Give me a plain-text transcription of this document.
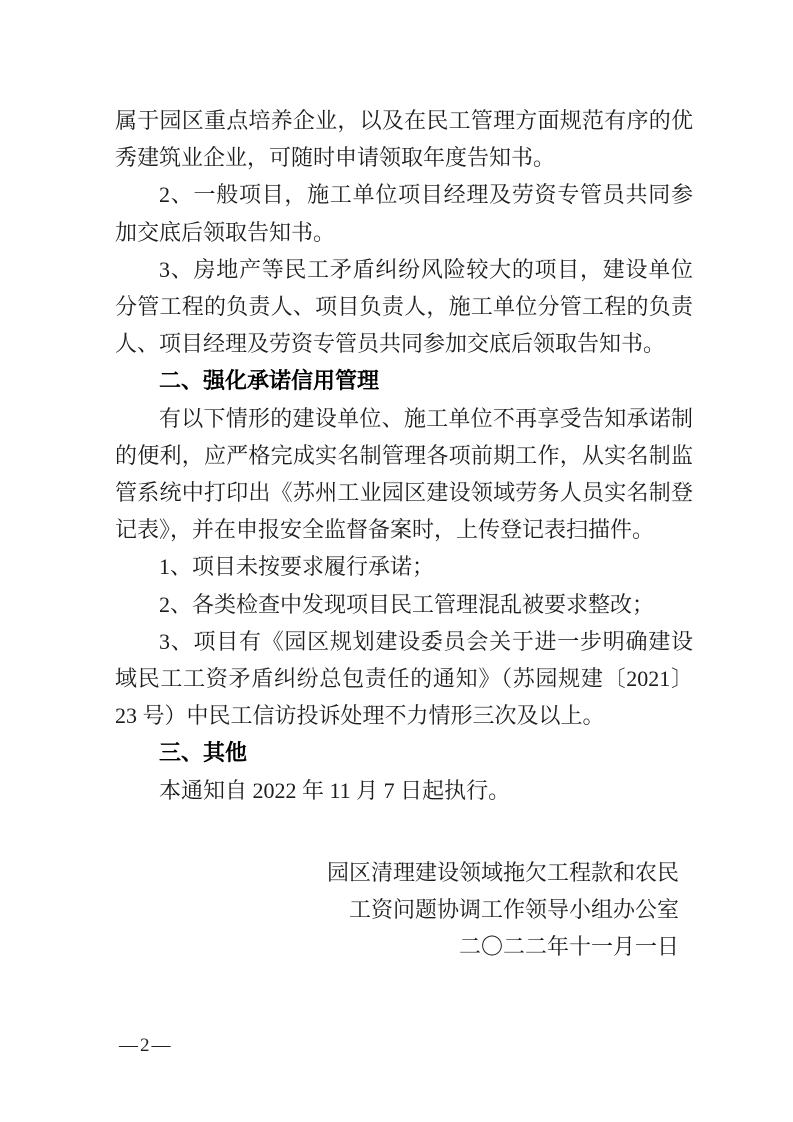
属于园区重点培养企业，以及在民工管理方面规范有序的优
秀建筑业企业，可随时申请领取年度告知书。
2、一般项目，施工单位项目经理及劳资专管员共同参
加交底后领取告知书。
3、房地产等民工矛盾纠纷风险较大的项目，建设单位
分管工程的负责人、项目负责人，施工单位分管工程的负责
人、项目经理及劳资专管员共同参加交底后领取告知书。
二、强化承诺信用管理
有以下情形的建设单位、施工单位不再享受告知承诺制
的便利，应严格完成实名制管理各项前期工作，从实名制监
管系统中打印出《苏州工业园区建设领域劳务人员实名制登
记表》，并在申报安全监督备案时，上传登记表扫描件。
1、项目未按要求履行承诺；
2、各类检查中发现项目民工管理混乱被要求整改；
3、项目有《园区规划建设委员会关于进一步明确建设
域民工工资矛盾纠纷总包责任的通知》（苏园规建〔2021〕
23 号）中民工信访投诉处理不力情形三次及以上。
三、其他
本通知自 2022 年 11 月 7 日起执行。
园区清理建设领域拖欠工程款和农民
工资问题协调工作领导小组办公室
二〇二二年十一月一日
—2—
